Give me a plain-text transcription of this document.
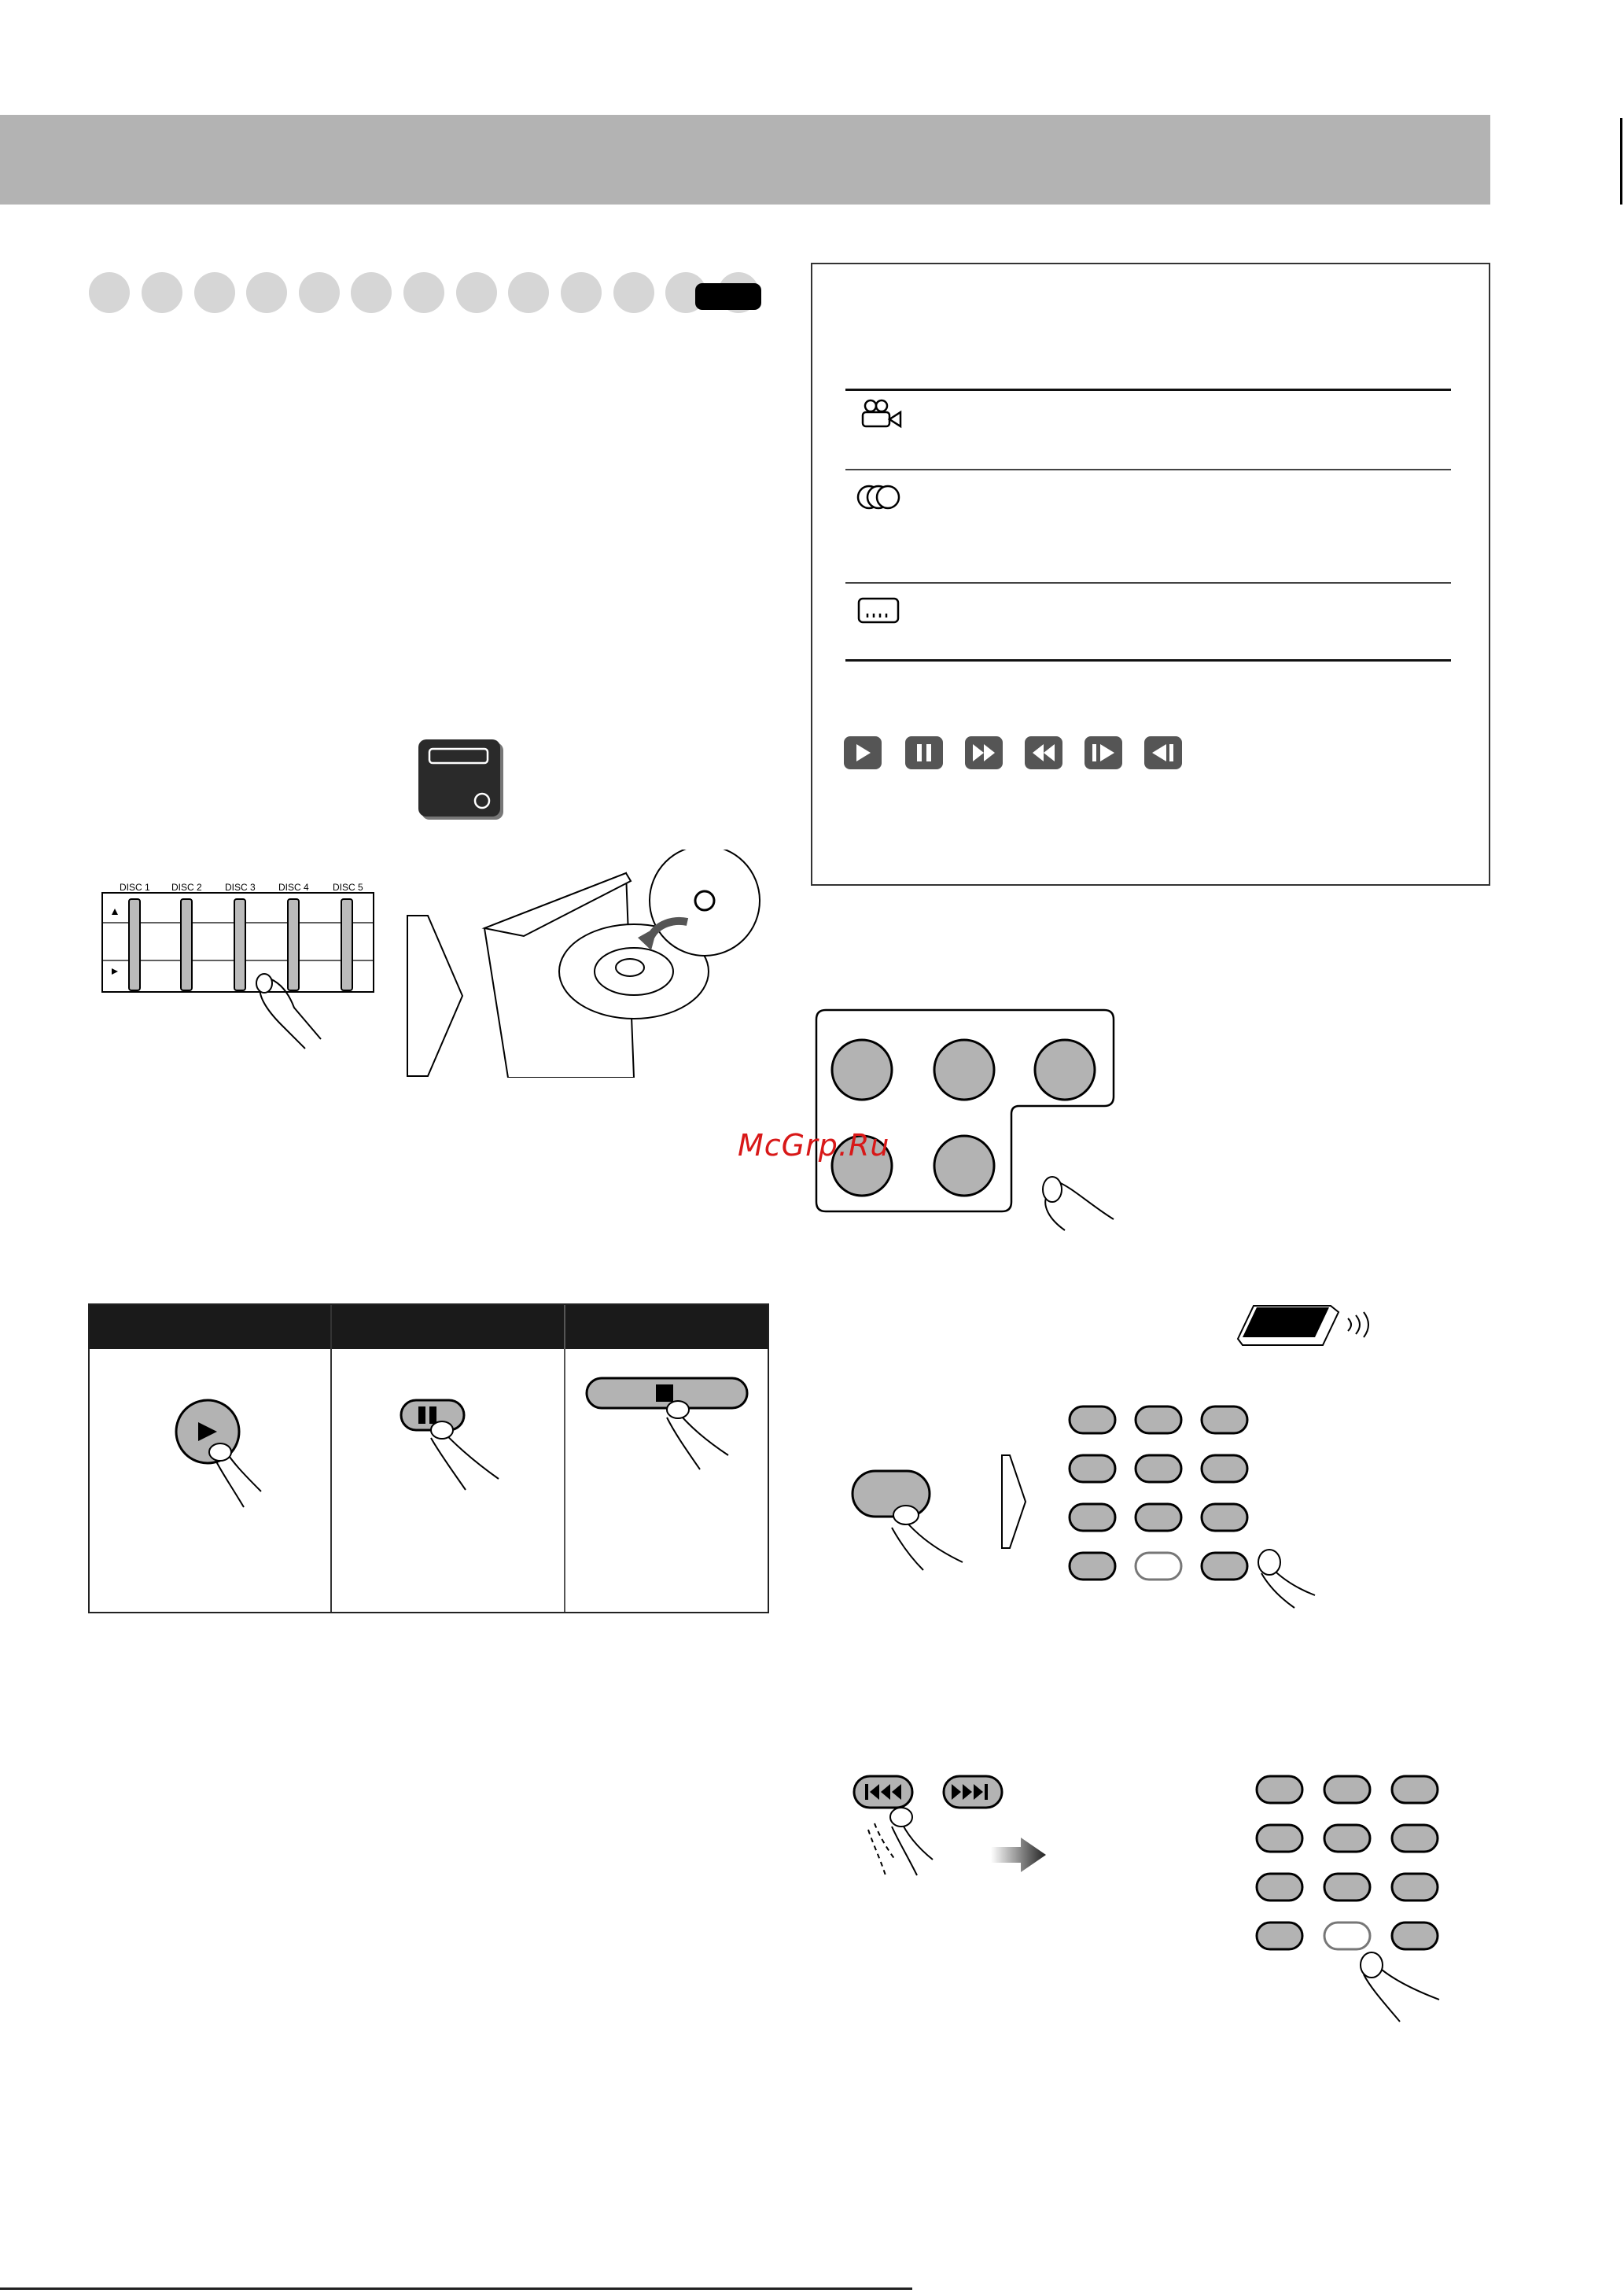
DISC 1 DISC 2 DISC 3 DISC 4	DISC 5
McGrp.Ru
